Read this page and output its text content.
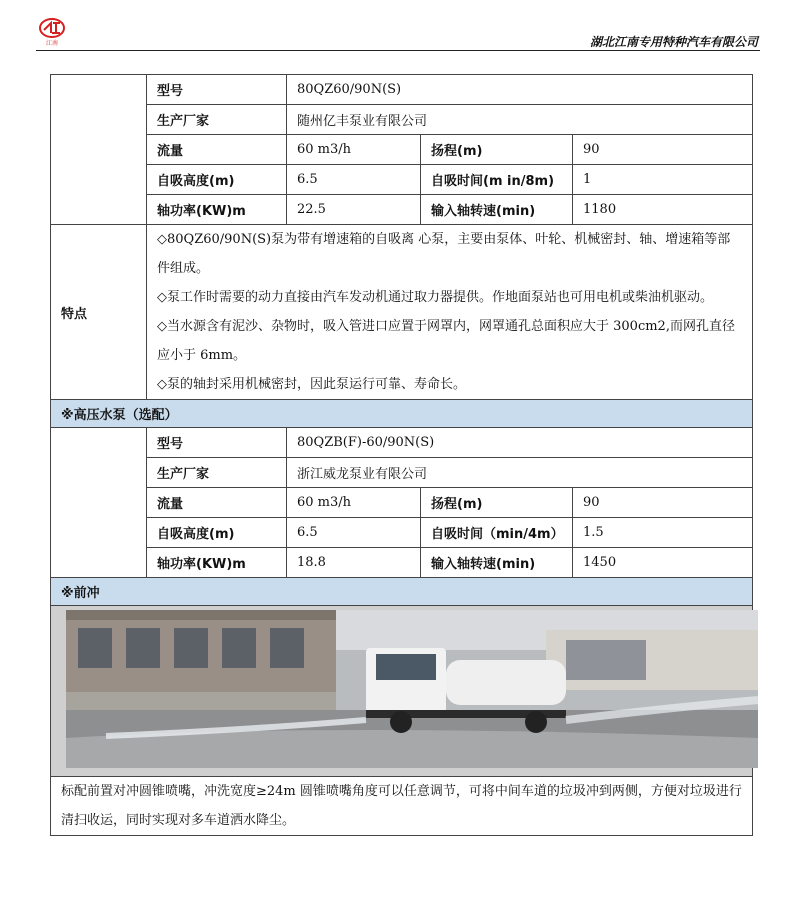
江南	湖北江南专用特种汽车有限公司
	型号	80QZ60/90N(S)		
	生产厂家	随州亿丰泵业有限公司		
	流量	60 m3/h	扬程(m)	90
	自吸高度(m)	6.5	自吸时间(m in/8m)	1
	轴功率(KW)m	22.5	输入轴转速(min)	1180
特点	◇80QZ60/90N(S)泵为带有增速箱的自吸离 心泵，主要由泵体、叶轮、机械密封、轴、增速箱等部件组成。

◇泵工作时需要的动力直接由汽车发动机通过取力器提供。作地面泵站也可用电机或柴油机驱动。

◇当水源含有泥沙、杂物时，吸入管进口应置于网罩内，网罩通孔总面积应大于 300cm2,而网孔直径应小于 6mm。

◇泵的轴封采用机械密封，因此泵运行可靠、寿命长。			

※高压水泵（选配）				
	型号	80QZB(F)-60/90N(S)		
	生产厂家	浙江威龙泵业有限公司		
	流量	60 m3/h	扬程(m)	90
	自吸高度(m)	6.5	自吸时间（min/4m）	1.5
	轴功率(KW)m	18.8	输入轴转速(min)	1450
※前冲				

标配前置对冲圆锥喷嘴，冲洗宽度≥24m 圆锥喷嘴角度可以任意调节，可将中间车道的垃圾冲到两侧，方便对垃圾进行清扫收运，同时实现对多车道洒水降尘。				
